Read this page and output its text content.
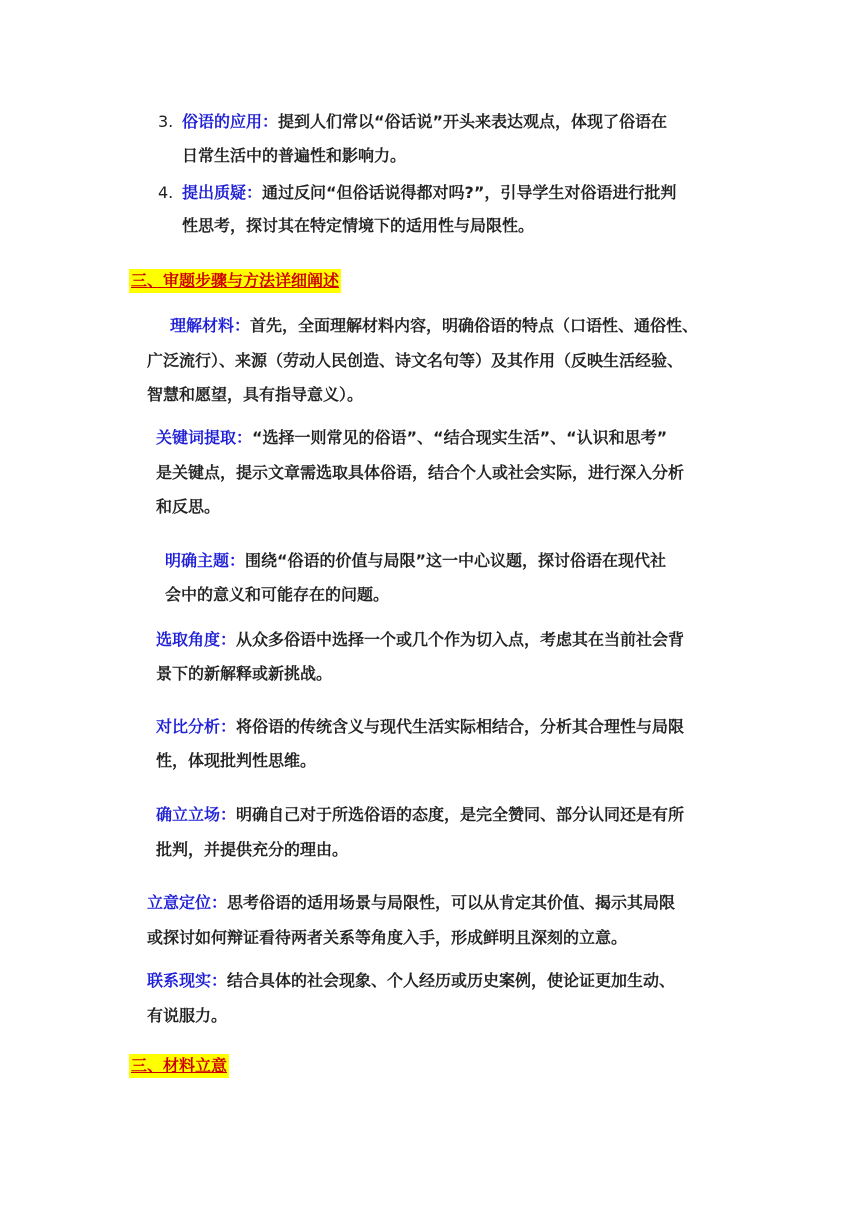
3. 俗语的应用：提到人们常以“俗话说”开头来表达观点，体现了俗语在
日常生活中的普遍性和影响力。
4. 提出质疑：通过反问“但俗话说得都对吗?”，引导学生对俗语进行批判
性思考，探讨其在特定情境下的适用性与局限性。
三、审题步骤与方法详细阐述
理解材料：首先，全面理解材料内容，明确俗语的特点（口语性、通俗性、
广泛流行）、来源（劳动人民创造、诗文名句等）及其作用（反映生活经验、
智慧和愿望，具有指导意义）。
关键词提取：“选择一则常见的俗语”、“结合现实生活”、“认识和思考”
是关键点，提示文章需选取具体俗语，结合个人或社会实际，进行深入分析
和反思。
明确主题：围绕“俗语的价值与局限”这一中心议题，探讨俗语在现代社
会中的意义和可能存在的问题。
选取角度：从众多俗语中选择一个或几个作为切入点，考虑其在当前社会背
景下的新解释或新挑战。
对比分析：将俗语的传统含义与现代生活实际相结合，分析其合理性与局限
性，体现批判性思维。
确立立场：明确自己对于所选俗语的态度，是完全赞同、部分认同还是有所
批判，并提供充分的理由。
立意定位：思考俗语的适用场景与局限性，可以从肯定其价值、揭示其局限
或探讨如何辩证看待两者关系等角度入手，形成鲜明且深刻的立意。
联系现实：结合具体的社会现象、个人经历或历史案例，使论证更加生动、
有说服力。
三、材料立意
